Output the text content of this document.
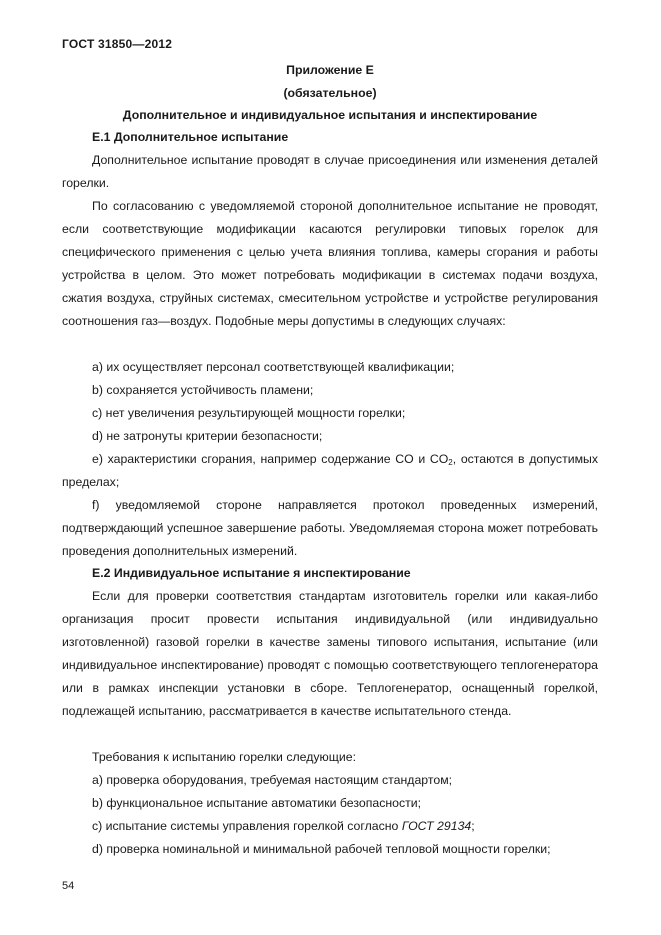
ГОСТ 31850—2012
Приложение Е
(обязательное)
Дополнительное и индивидуальное испытания и инспектирование
Е.1 Дополнительное испытание

Дополнительное испытание проводят в случае присоединения или изменения деталей горелки.

По согласованию с уведомляемой стороной дополнительное испытание не проводят, если соответствующие модификации касаются регулировки типовых горелок для специфического применения с целью учета влияния топлива, камеры сгорания и работы устройства в целом. Это может потребовать модификации в системах подачи воздуха, сжатия воздуха, струйных системах, смесительном устройстве и устройстве регулирования соотношения газ—воздух. Подобные меры допустимы в следующих случаях:

а) их осуществляет персонал соответствующей квалификации;

b) сохраняется устойчивость пламени;

c) нет увеличения результирующей мощности горелки;

d) не затронуты критерии безопасности;

е) характеристики сгорания, например содержание CO и $CO_2$, остаются в допустимых пределах;

f) уведомляемой стороне направляется протокол проведенных измерений, подтверждающий успешное завершение работы. Уведомляемая сторона может потребовать проведения дополнительных измерений.

Е.2 Индивидуальное испытание я инспектирование

Если для проверки соответствия стандартам изготовитель горелки или какая-либо организация просит провести испытания индивидуальной (или индивидуально изготовленной) газовой горелки в качестве замены типового испытания, испытание (или индивидуальное инспектирование) проводят с помощью соответствующего теплогенератора или в рамках инспекции установки в сборе. Теплогенератор, оснащенный горелкой, подлежащей испытанию, рассматривается в качестве испытательного стенда.

Требования к испытанию горелки следующие:

а) проверка оборудования, требуемая настоящим стандартом;

b) функциональное испытание автоматики безопасности;

с) испытание системы управления горелкой согласно ГОСТ 29134;

d) проверка номинальной и минимальной рабочей тепловой мощности горелки;

54
